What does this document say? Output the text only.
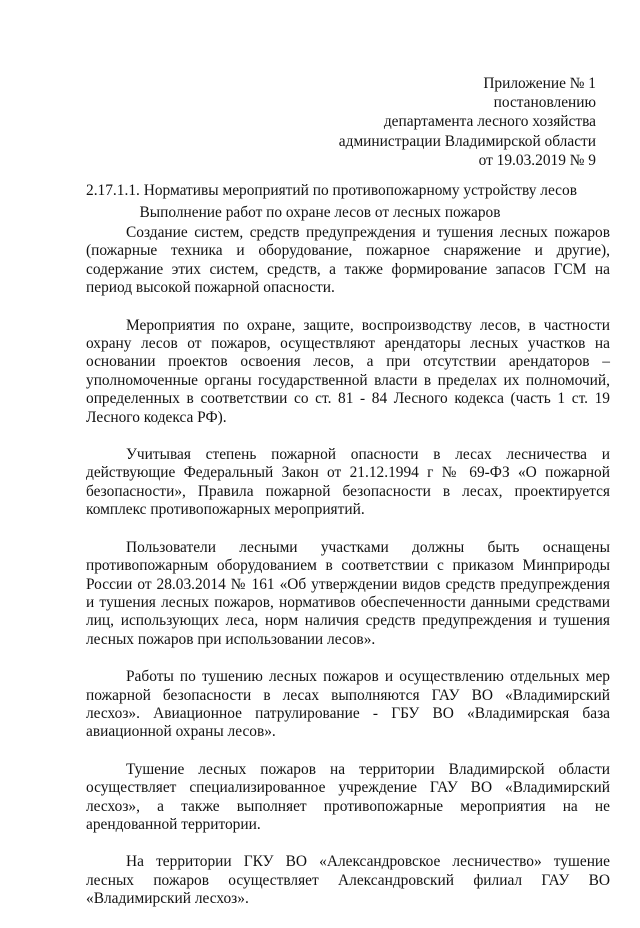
Приложение № 1
постановлению
департамента лесного хозяйства
администрации Владимирской области
от 19.03.2019 № 9
2.17.1.1. Нормативы мероприятий по противопожарному устройству лесов
Выполнение работ по охране лесов от лесных пожаров

Создание систем, средств предупреждения и тушения лесных пожаров (пожарные техника и оборудование, пожарное снаряжение и другие), содержание этих систем, средств, а также формирование запасов ГСМ на период высокой пожарной опасности.

Мероприятия по охране, защите, воспроизводству лесов, в частности охрану лесов от пожаров, осуществляют арендаторы лесных участков на основании проектов освоения лесов, а при отсутствии арендаторов – уполномоченные органы государственной власти в пределах их полномочий, определенных в соответствии со ст. 81 - 84 Лесного кодекса (часть 1 ст. 19 Лесного кодекса РФ).

Учитывая степень пожарной опасности в лесах лесничества и действующие Федеральный Закон от 21.12.1994 г № 69-ФЗ «О пожарной безопасности», Правила пожарной безопасности в лесах, проектируется комплекс противопожарных мероприятий.

Пользователи лесными участками должны быть оснащены противопожарным оборудованием в соответствии с приказом Минприроды России от 28.03.2014 № 161 «Об утверждении видов средств предупреждения и тушения лесных пожаров, нормативов обеспеченности данными средствами лиц, использующих леса, норм наличия средств предупреждения и тушения лесных пожаров при использовании лесов».

Работы по тушению лесных пожаров и осуществлению отдельных мер пожарной безопасности в лесах выполняются ГАУ ВО «Владимирский лесхоз». Авиационное патрулирование - ГБУ ВО «Владимирская база авиационной охраны лесов».

Тушение лесных пожаров на территории Владимирской области осуществляет специализированное учреждение ГАУ ВО «Владимирский лесхоз», а также выполняет противопожарные мероприятия на не арендованной территории.

На территории ГКУ ВО «Александровское лесничество» тушение лесных пожаров осуществляет Александровский филиал ГАУ ВО «Владимирский лесхоз».
